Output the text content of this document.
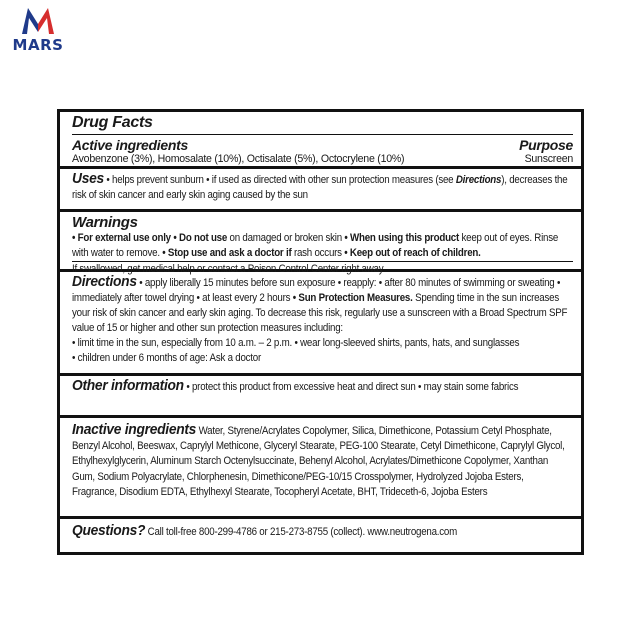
MARS

Drug Facts

Active ingredients	Purpose
Avobenzone (3%), Homosalate (10%), Octisalate (5%), Octocrylene (10%)	Sunscreen

Uses • helps prevent sunburn • if used as directed with other sun protection measures (see Directions), decreases the risk of skin cancer and early skin aging caused by the sun

Warnings

• For external use only • Do not use on damaged or broken skin • When using this product keep out of eyes. Rinse with water to remove. • Stop use and ask a doctor if rash occurs • Keep out of reach of children.

If swallowed, get medical help or contact a Poison Control Center right away

Directions • apply liberally 15 minutes before sun exposure • reapply: • after 80 minutes of swimming or sweating • immediately after towel drying • at least every 2 hours • Sun Protection Measures. Spending time in the sun increases your risk of skin cancer and early skin aging. To decrease this risk, regularly use a sunscreen with a Broad Spectrum SPF value of 15 or higher and other sun protection measures including:

• limit time in the sun, especially from 10 a.m. – 2 p.m. • wear long-sleeved shirts, pants, hats, and sunglasses

• children under 6 months of age: Ask a doctor

Other information • protect this product from excessive heat and direct sun • may stain some fabrics

Inactive ingredients Water, Styrene/Acrylates Copolymer, Silica, Dimethicone, Potassium Cetyl Phosphate, Benzyl Alcohol, Beeswax, Caprylyl Methicone, Glyceryl Stearate, PEG-100 Stearate, Cetyl Dimethicone, Caprylyl Glycol, Ethylhexylglycerin, Aluminum Starch Octenylsuccinate, Behenyl Alcohol, Acrylates/Dimethicone Copolymer, Xanthan Gum, Sodium Polyacrylate, Chlorphenesin, Dimethicone/PEG-10/15 Crosspolymer, Hydrolyzed Jojoba Esters, Fragrance, Disodium EDTA, Ethylhexyl Stearate, Tocopheryl Acetate, BHT, Trideceth-6, Jojoba Esters

Questions? Call toll-free 800-299-4786 or 215-273-8755 (collect). www.neutrogena.com
